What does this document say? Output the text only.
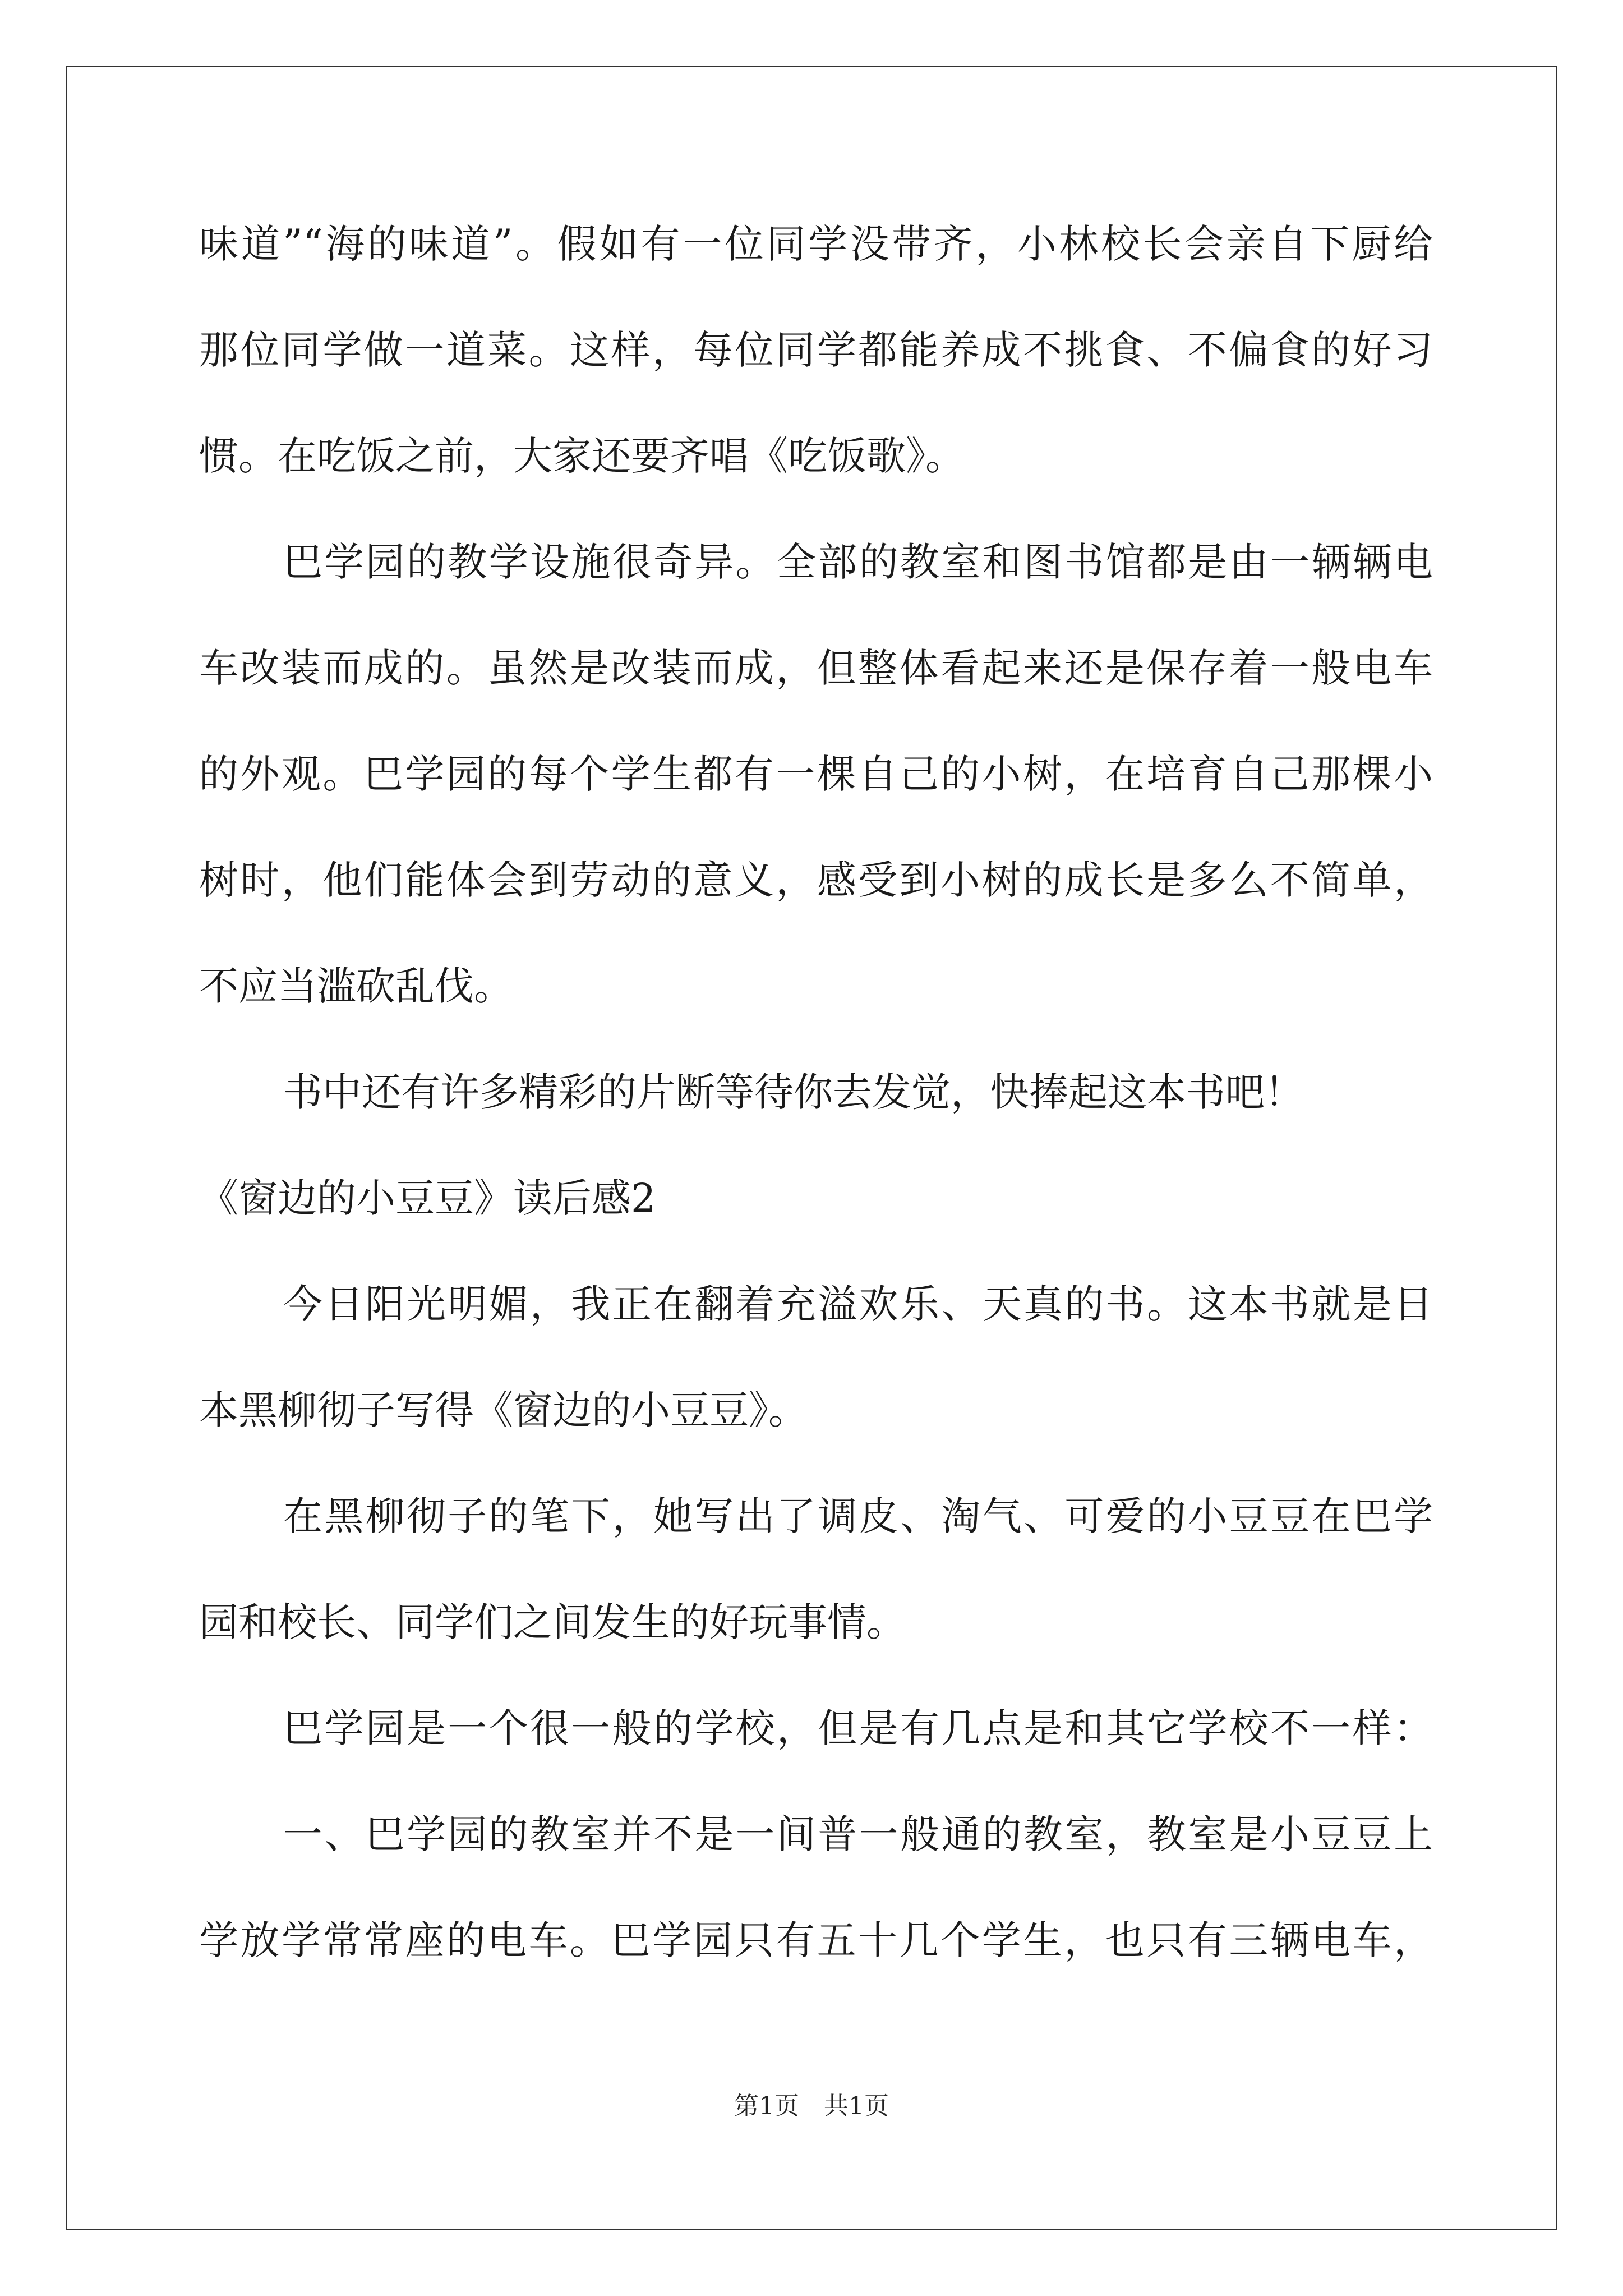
味道”“海的味道”。假如有一位同学没带齐，小林校长会亲自下厨给
那位同学做一道菜。这样，每位同学都能养成不挑食、不偏食的好习
惯。在吃饭之前，大家还要齐唱《吃饭歌》。
巴学园的教学设施很奇异。全部的教室和图书馆都是由一辆辆电
车改装而成的。虽然是改装而成，但整体看起来还是保存着一般电车
的外观。巴学园的每个学生都有一棵自己的小树，在培育自己那棵小
树时，他们能体会到劳动的意义，感受到小树的成长是多么不简单，
不应当滥砍乱伐。
书中还有许多精彩的片断等待你去发觉，快捧起这本书吧！
《窗边的小豆豆》读后感2
今日阳光明媚，我正在翻着充溢欢乐、天真的书。这本书就是日
本黑柳彻子写得《窗边的小豆豆》。
在黑柳彻子的笔下，她写出了调皮、淘气、可爱的小豆豆在巴学
园和校长、同学们之间发生的好玩事情。
巴学园是一个很一般的学校，但是有几点是和其它学校不一样：
一、巴学园的教室并不是一间普一般通的教室，教室是小豆豆上
学放学常常座的电车。巴学园只有五十几个学生，也只有三辆电车，
第1页　共1页
